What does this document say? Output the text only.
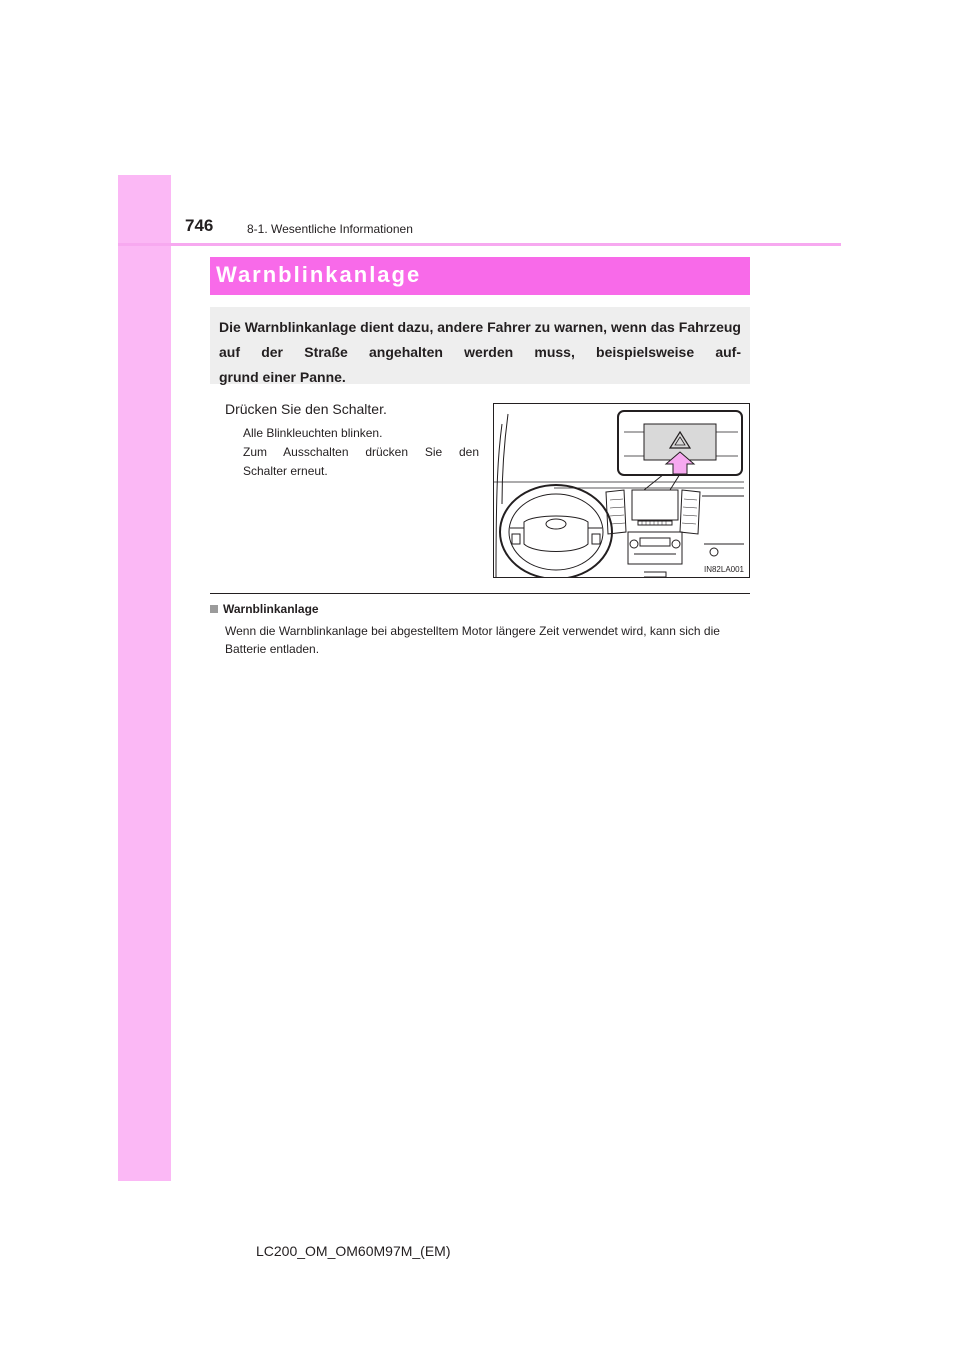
746	8-1. Wesentliche Informationen
Warnblinkanlage

Die Warnblinkanlage dient dazu, andere Fahrer zu warnen, wenn das Fahrzeug auf der Straße angehalten werden muss, beispielsweise auf-
grund einer Panne.

Drücken Sie den Schalter.

Alle Blinkleuchten blinken.

Zum Ausschalten drücken Sie den

Schalter erneut.

IN82LA001
Warnblinkanlage

Wenn die Warnblinkanlage bei abgestelltem Motor längere Zeit verwendet wird, kann sich die Batterie entladen.

LC200_OM_OM60M97M_(EM)
